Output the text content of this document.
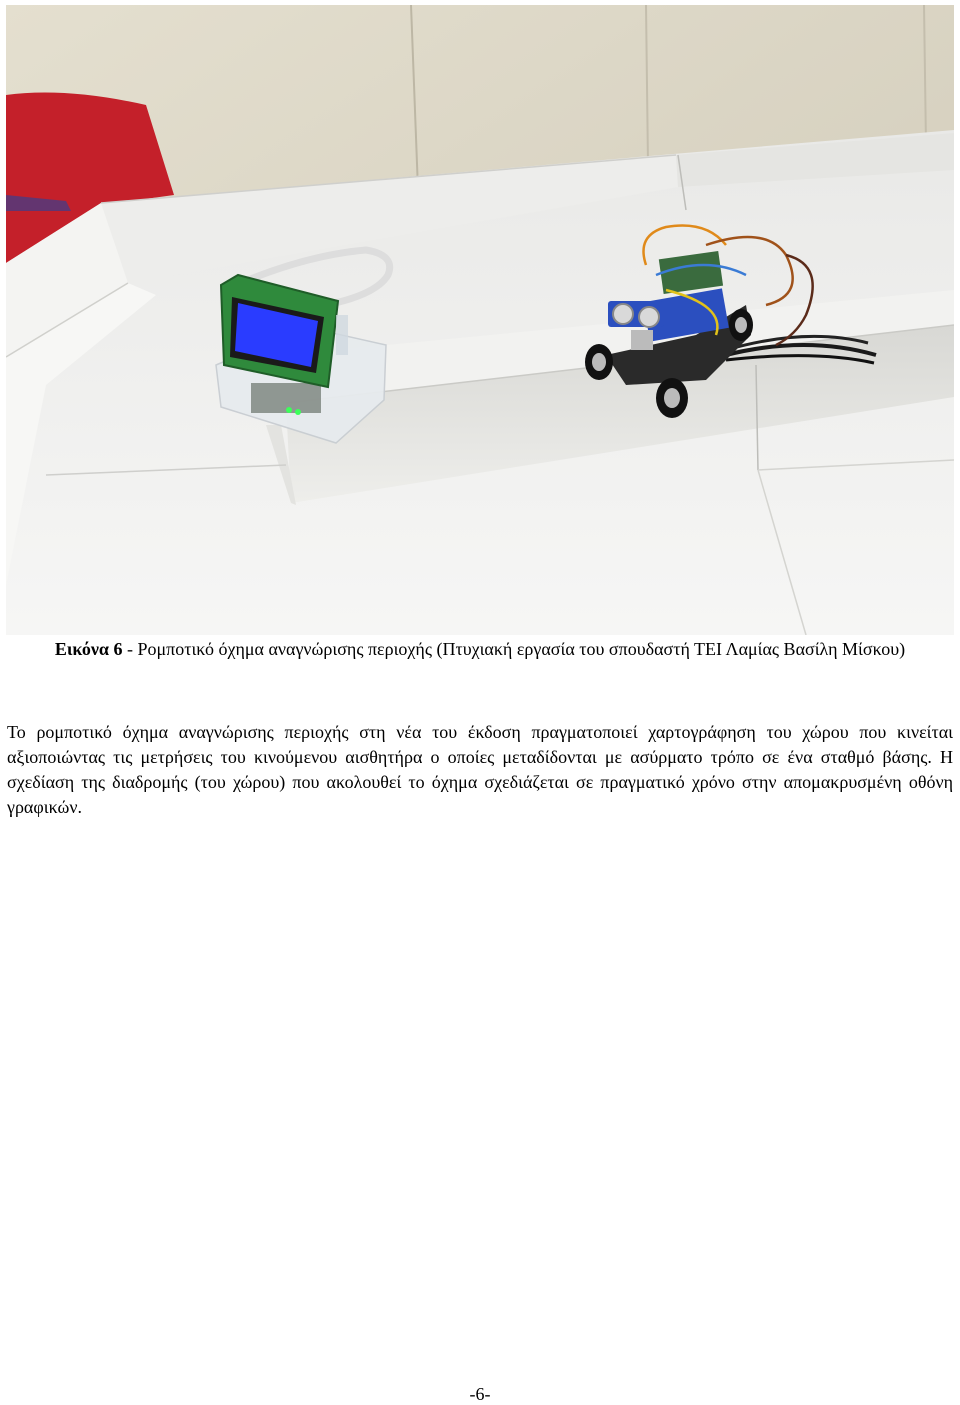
Εικόνα 6 - Ρομποτικό όχημα αναγνώρισης περιοχής (Πτυχιακή εργασία του σπουδαστή ΤΕΙ Λαμίας Βασίλη Μίσκου)
Το ρομποτικό όχημα αναγνώρισης περιοχής στη νέα του έκδοση πραγματοποιεί χαρτογράφηση του χώρου που κινείται αξιοποιώντας τις μετρήσεις του κινούμενου αισθητήρα ο οποίες μεταδίδονται με ασύρματο τρόπο σε ένα σταθμό βάσης. Η σχεδίαση της διαδρομής (του χώρου) που ακολουθεί το όχημα σχεδιάζεται σε πραγματικό χρόνο στην απομακρυσμένη οθόνη γραφικών.
-6-
